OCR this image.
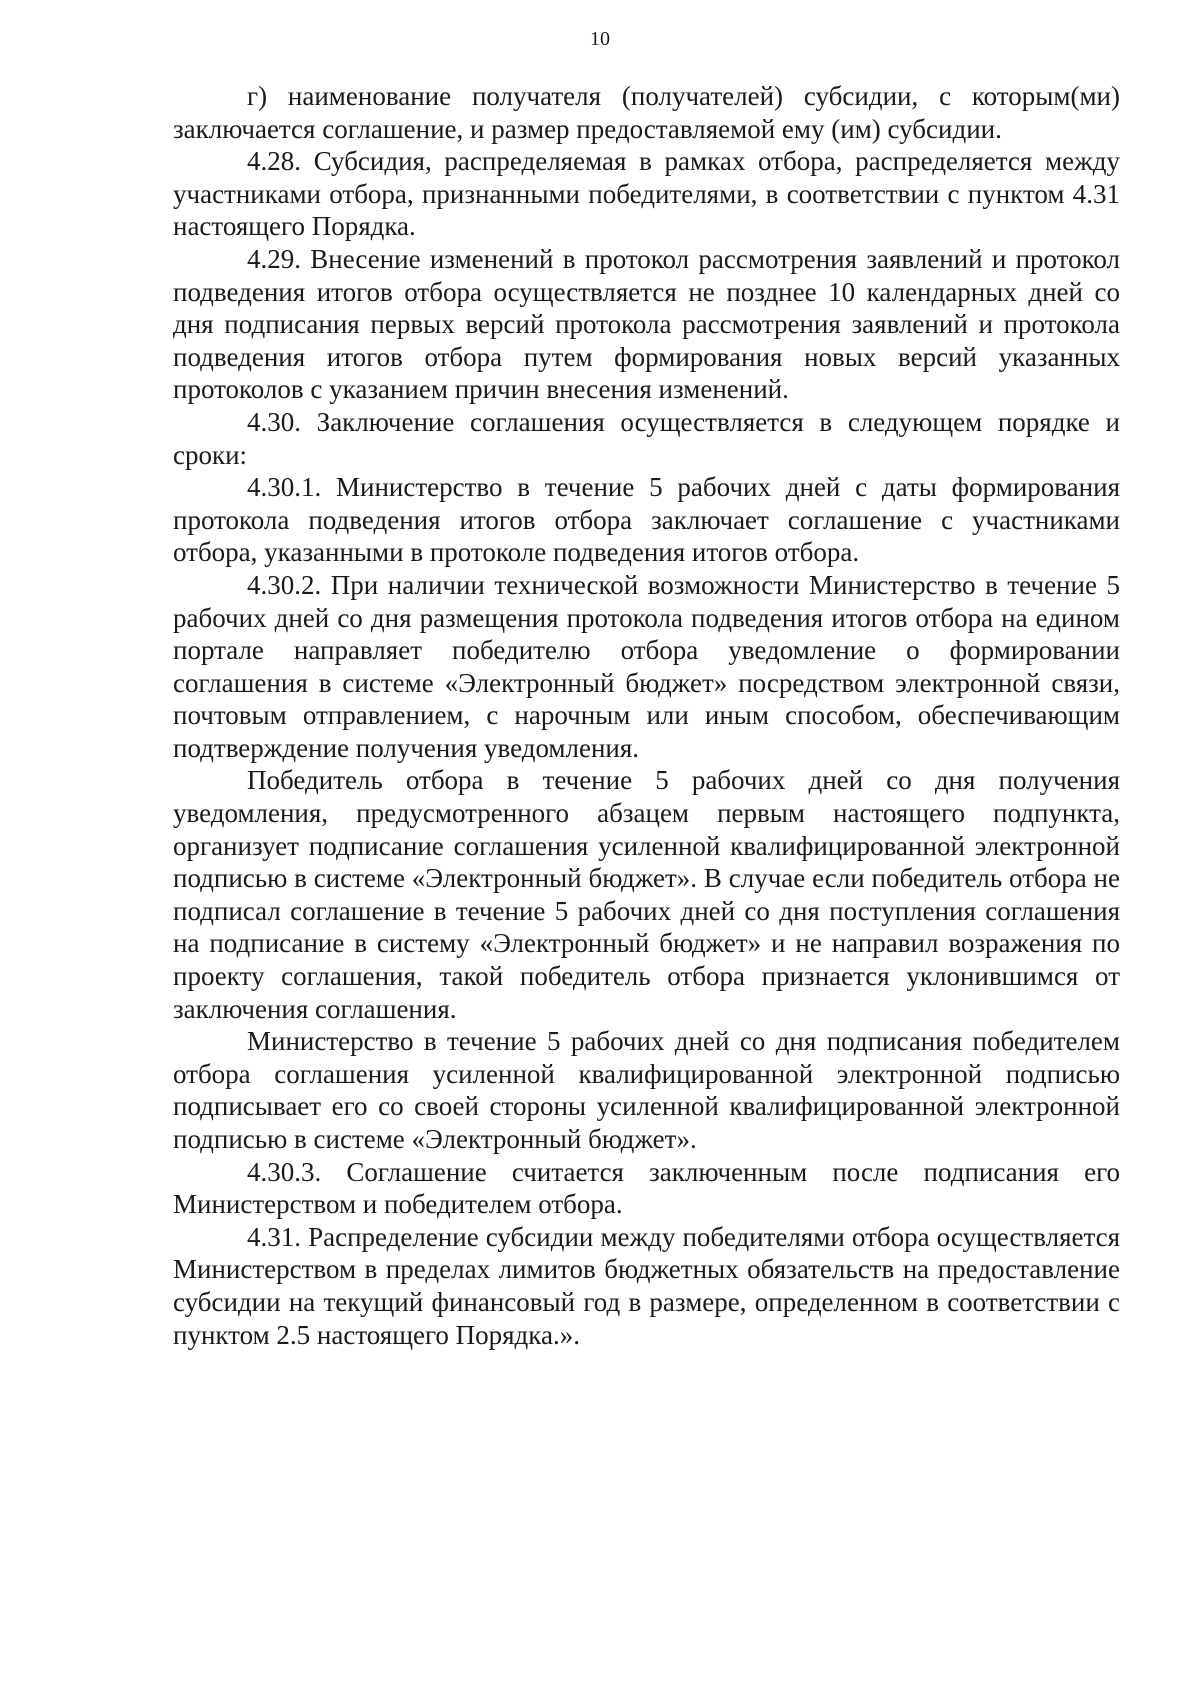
10

г) наименование получателя (получателей) субсидии, с которым(ми) заключается соглашение, и размер предоставляемой ему (им) субсидии.

4.28. Субсидия, распределяемая в рамках отбора, распределяется между участниками отбора, признанными победителями, в соответствии с пунктом 4.31 настоящего Порядка.

4.29. Внесение изменений в протокол рассмотрения заявлений и протокол подведения итогов отбора осуществляется не позднее 10 календарных дней со дня подписания первых версий протокола рассмотрения заявлений и протокола подведения итогов отбора путем формирования новых версий указанных протоколов с указанием причин внесения изменений.

4.30. Заключение соглашения осуществляется в следующем порядке и сроки:

4.30.1. Министерство в течение 5 рабочих дней с даты формирования протокола подведения итогов отбора заключает соглашение с участниками отбора, указанными в протоколе подведения итогов отбора.

4.30.2. При наличии технической возможности Министерство в течение 5 рабочих дней со дня размещения протокола подведения итогов отбора на едином портале направляет победителю отбора уведомление о формировании соглашения в системе «Электронный бюджет» посредством электронной связи, почтовым отправлением, с нарочным или иным способом, обеспечивающим подтверждение получения уведомления.

Победитель отбора в течение 5 рабочих дней со дня получения уведомления, предусмотренного абзацем первым настоящего подпункта, организует подписание соглашения усиленной квалифицированной электронной подписью в системе «Электронный бюджет». В случае если победитель отбора не подписал соглашение в течение 5 рабочих дней со дня поступления соглашения на подписание в систему «Электронный бюджет» и не направил возражения по проекту соглашения, такой победитель отбора признается уклонившимся от заключения соглашения.

Министерство в течение 5 рабочих дней со дня подписания победителем отбора соглашения усиленной квалифицированной электронной подписью подписывает его со своей стороны усиленной квалифицированной электронной подписью в системе «Электронный бюджет».

4.30.3. Соглашение считается заключенным после подписания его Министерством и победителем отбора.

4.31. Распределение субсидии между победителями отбора осуществляется Министерством в пределах лимитов бюджетных обязательств на предоставление субсидии на текущий финансовый год в размере, определенном в соответствии с пунктом 2.5 настоящего Порядка.».
